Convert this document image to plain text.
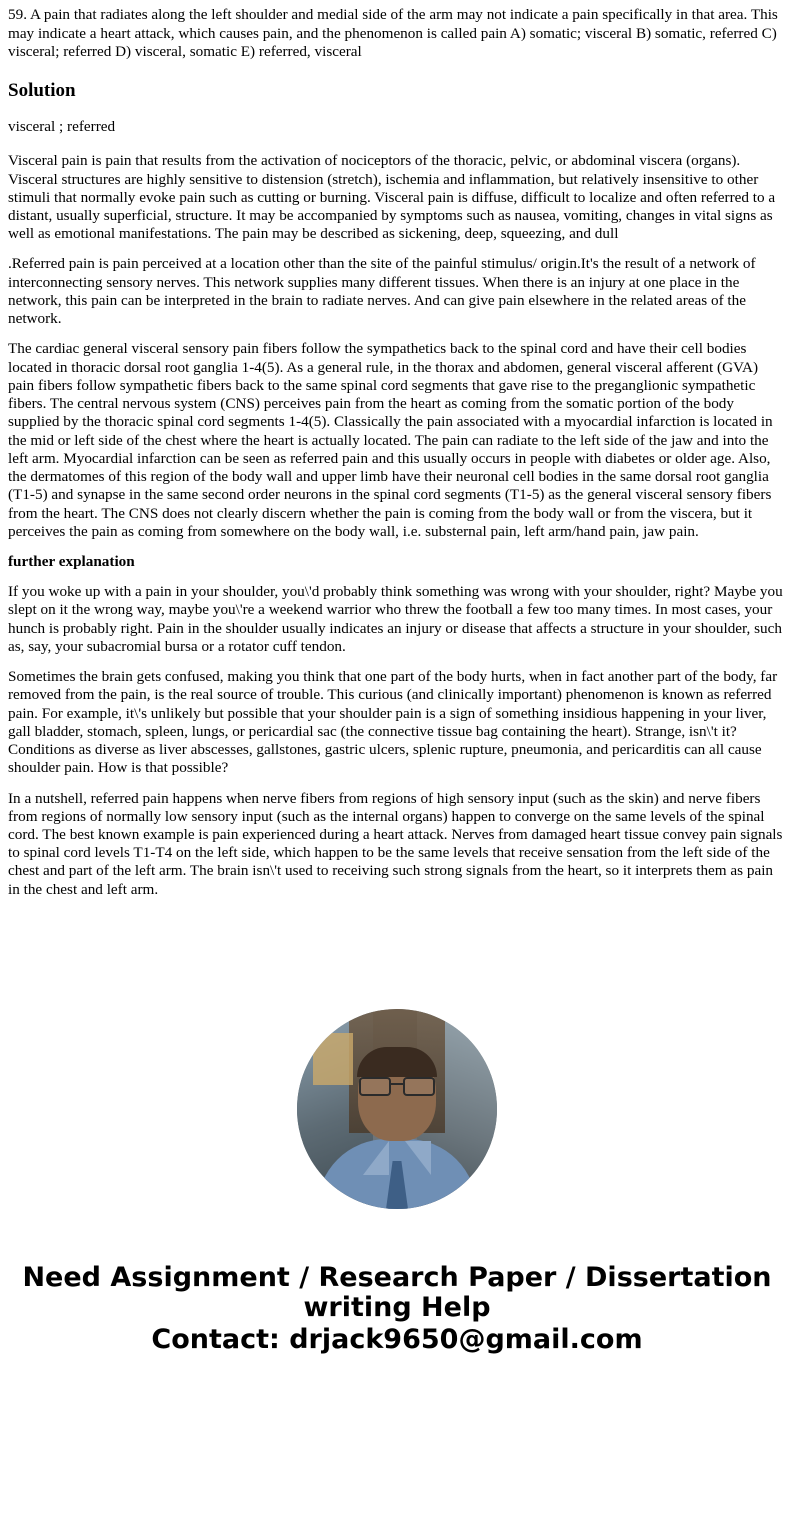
59. A pain that radiates along the left shoulder and medial side of the arm may not indicate a pain specifically in that area. This may indicate a heart attack, which causes pain, and the phenomenon is called pain A) somatic; visceral B) somatic, referred C) visceral; referred D) visceral, somatic E) referred, visceral
Solution

visceral ; referred

Visceral pain is pain that results from the activation of nociceptors of the thoracic, pelvic, or abdominal viscera (organs). Visceral structures are highly sensitive to distension (stretch), ischemia and inflammation, but relatively insensitive to other stimuli that normally evoke pain such as cutting or burning. Visceral pain is diffuse, difficult to localize and often referred to a distant, usually superficial, structure. It may be accompanied by symptoms such as nausea, vomiting, changes in vital signs as well as emotional manifestations. The pain may be described as sickening, deep, squeezing, and dull

.Referred pain is pain perceived at a location other than the site of the painful stimulus/ origin.It's the result of a network of interconnecting sensory nerves. This network supplies many different tissues. When there is an injury at one place in the network, this pain can be interpreted in the brain to radiate nerves. And can give pain elsewhere in the related areas of the network.

The cardiac general visceral sensory pain fibers follow the sympathetics back to the spinal cord and have their cell bodies located in thoracic dorsal root ganglia 1-4(5). As a general rule, in the thorax and abdomen, general visceral afferent (GVA) pain fibers follow sympathetic fibers back to the same spinal cord segments that gave rise to the preganglionic sympathetic fibers. The central nervous system (CNS) perceives pain from the heart as coming from the somatic portion of the body supplied by the thoracic spinal cord segments 1-4(5). Classically the pain associated with a myocardial infarction is located in the mid or left side of the chest where the heart is actually located. The pain can radiate to the left side of the jaw and into the left arm. Myocardial infarction can be seen as referred pain and this usually occurs in people with diabetes or older age. Also, the dermatomes of this region of the body wall and upper limb have their neuronal cell bodies in the same dorsal root ganglia (T1-5) and synapse in the same second order neurons in the spinal cord segments (T1-5) as the general visceral sensory fibers from the heart. The CNS does not clearly discern whether the pain is coming from the body wall or from the viscera, but it perceives the pain as coming from somewhere on the body wall, i.e. substernal pain, left arm/hand pain, jaw pain.

further explanation

If you woke up with a pain in your shoulder, you\'d probably think something was wrong with your shoulder, right? Maybe you slept on it the wrong way, maybe you\'re a weekend warrior who threw the football a few too many times. In most cases, your hunch is probably right. Pain in the shoulder usually indicates an injury or disease that affects a structure in your shoulder, such as, say, your subacromial bursa or a rotator cuff tendon.

Sometimes the brain gets confused, making you think that one part of the body hurts, when in fact another part of the body, far removed from the pain, is the real source of trouble. This curious (and clinically important) phenomenon is known as referred pain. For example, it\'s unlikely but possible that your shoulder pain is a sign of something insidious happening in your liver, gall bladder, stomach, spleen, lungs, or pericardial sac (the connective tissue bag containing the heart). Strange, isn\'t it? Conditions as diverse as liver abscesses, gallstones, gastric ulcers, splenic rupture, pneumonia, and pericarditis can all cause shoulder pain. How is that possible?

In a nutshell, referred pain happens when nerve fibers from regions of high sensory input (such as the skin) and nerve fibers from regions of normally low sensory input (such as the internal organs) happen to converge on the same levels of the spinal cord. The best known example is pain experienced during a heart attack. Nerves from damaged heart tissue convey pain signals to spinal cord levels T1-T4 on the left side, which happen to be the same levels that receive sensation from the left side of the chest and part of the left arm. The brain isn\'t used to receiving such strong signals from the heart, so it interprets them as pain in the chest and left arm.

Need Assignment / Research Paper / Dissertation
writing Help
Contact: drjack9650@gmail.com
